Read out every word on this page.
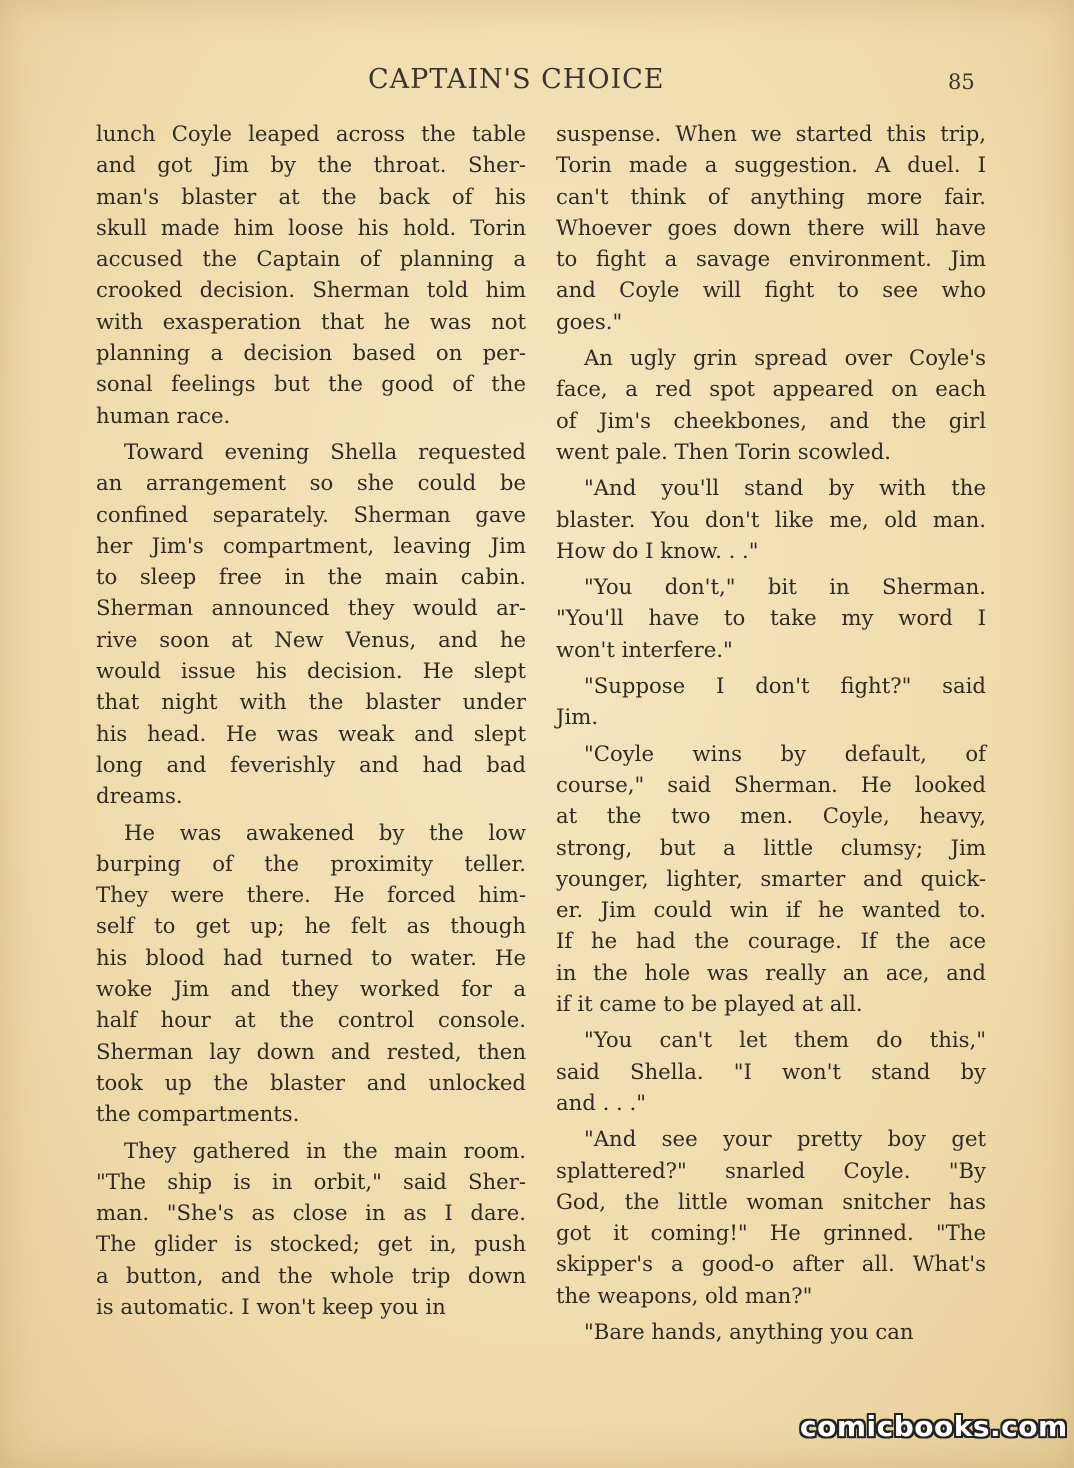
CAPTAIN'S CHOICE	85

lunch Coyle leaped across the table
and got Jim by the throat. Sher-
man's blaster at the back of his
skull made him loose his hold. Torin
accused the Captain of planning a
crooked decision. Sherman told him
with exasperation that he was not
planning a decision based on per-
sonal feelings but the good of the
human race.

Toward evening Shella requested
an arrangement so she could be
confined separately. Sherman gave
her Jim's compartment, leaving Jim
to sleep free in the main cabin.
Sherman announced they would ar-
rive soon at New Venus, and he
would issue his decision. He slept
that night with the blaster under
his head. He was weak and slept
long and feverishly and had bad
dreams.

He was awakened by the low
burping of the proximity teller.
They were there. He forced him-
self to get up; he felt as though
his blood had turned to water. He
woke Jim and they worked for a
half hour at the control console.
Sherman lay down and rested, then
took up the blaster and unlocked
the compartments.

They gathered in the main room.
"The ship is in orbit," said Sher-
man. "She's as close in as I dare.
The glider is stocked; get in, push
a button, and the whole trip down
is automatic. I won't keep you in

suspense. When we started this trip,
Torin made a suggestion. A duel. I
can't think of anything more fair.
Whoever goes down there will have
to fight a savage environment. Jim
and Coyle will fight to see who
goes."

An ugly grin spread over Coyle's
face, a red spot appeared on each
of Jim's cheekbones, and the girl
went pale. Then Torin scowled.

"And you'll stand by with the
blaster. You don't like me, old man.
How do I know. . ."

"You don't," bit in Sherman.
"You'll have to take my word I
won't interfere."

"Suppose I don't fight?" said
Jim.

"Coyle wins by default, of
course," said Sherman. He looked
at the two men. Coyle, heavy,
strong, but a little clumsy; Jim
younger, lighter, smarter and quick-
er. Jim could win if he wanted to.
If he had the courage. If the ace
in the hole was really an ace, and
if it came to be played at all.

"You can't let them do this,"
said Shella. "I won't stand by
and . . ."

"And see your pretty boy get
splattered?" snarled Coyle. "By
God, the little woman snitcher has
got it coming!" He grinned. "The
skipper's a good-o after all. What's
the weapons, old man?"

"Bare hands, anything you can

comicbooks.com
